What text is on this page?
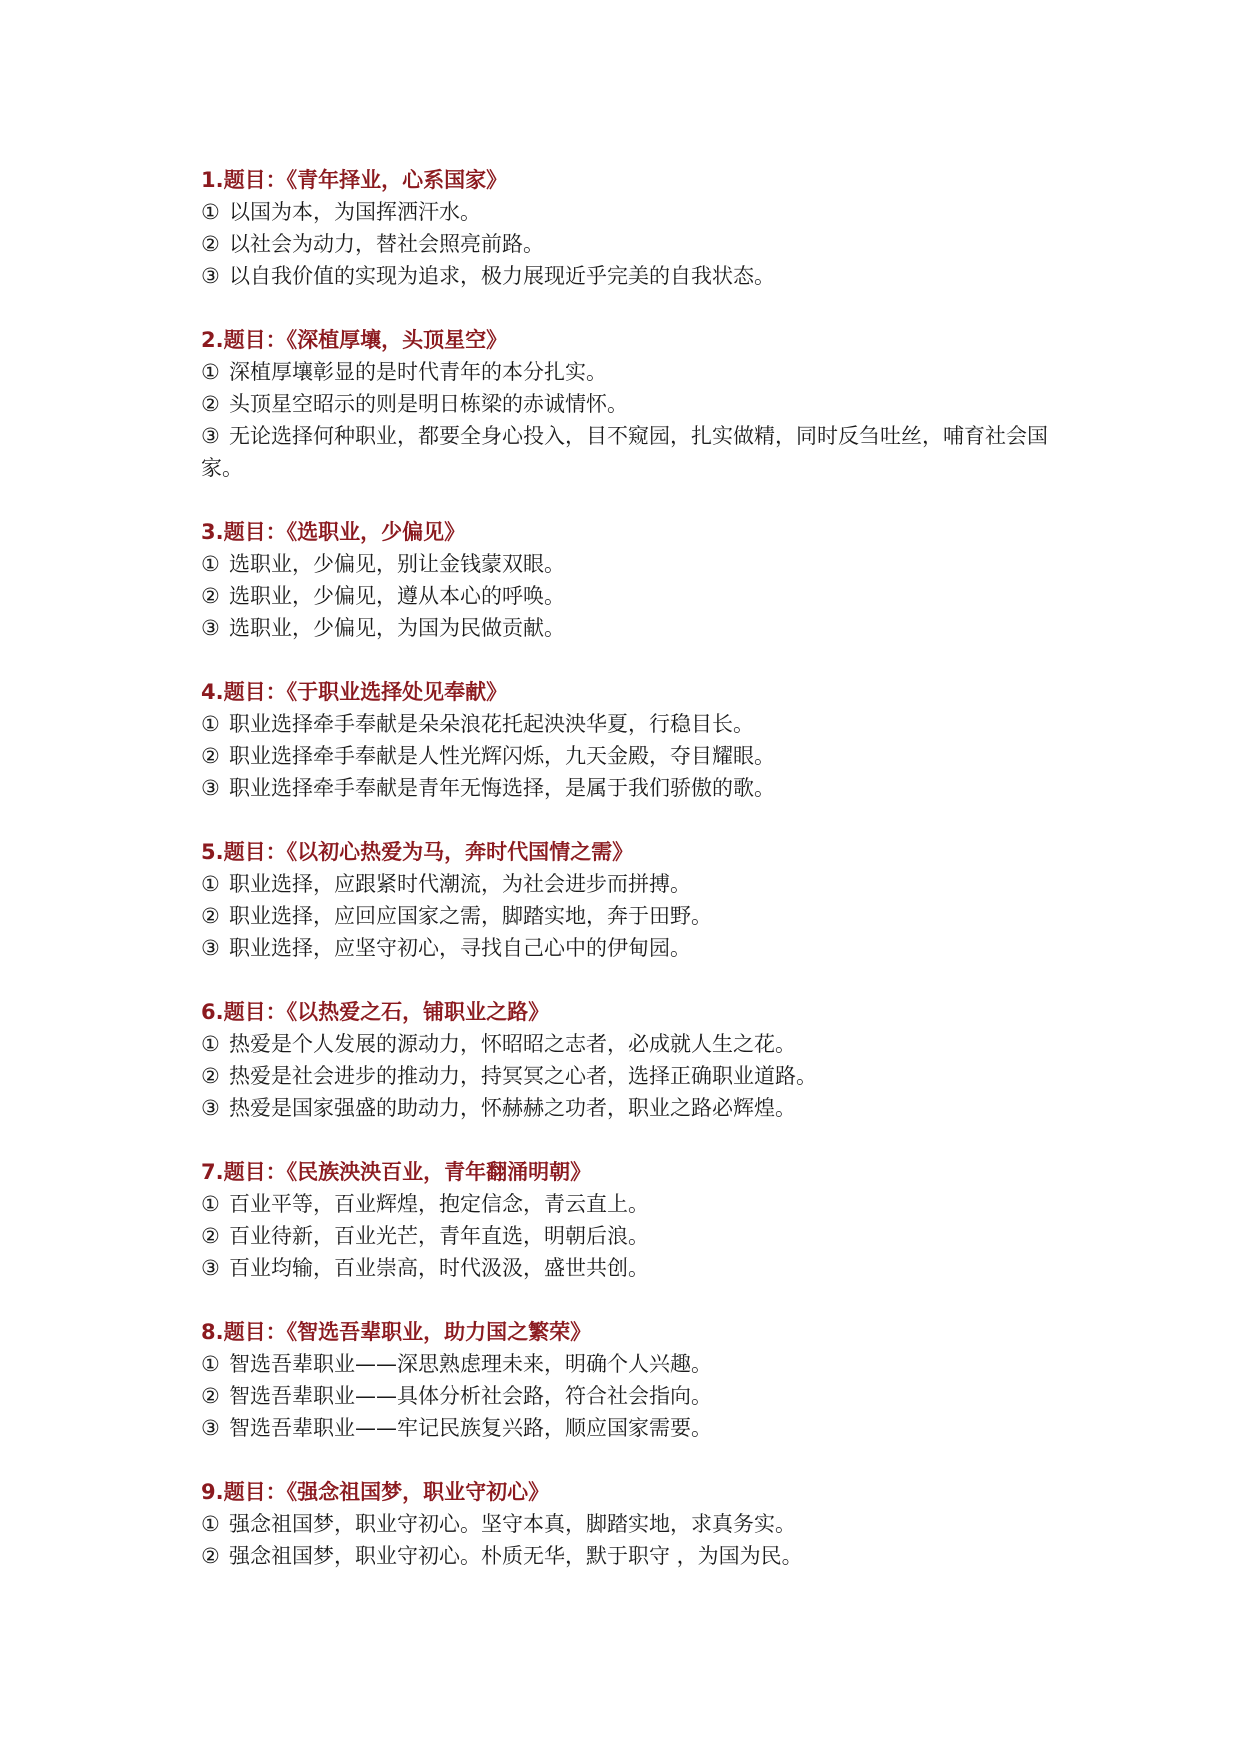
1.题目：《青年择业，心系国家》
① 以国为本，为国挥洒汗水。
② 以社会为动力，替社会照亮前路。
③ 以自我价值的实现为追求，极力展现近乎完美的自我状态。
2.题目：《深植厚壤，头顶星空》
① 深植厚壤彰显的是时代青年的本分扎实。
② 头顶星空昭示的则是明日栋梁的赤诚情怀。
③ 无论选择何种职业，都要全身心投入，目不窥园，扎实做精，同时反刍吐丝，哺育社会国家。
3.题目：《选职业，少偏见》
① 选职业，少偏见，别让金钱蒙双眼。
② 选职业，少偏见，遵从本心的呼唤。
③ 选职业，少偏见，为国为民做贡献。
4.题目：《于职业选择处见奉献》
① 职业选择牵手奉献是朵朵浪花托起泱泱华夏，行稳目长。
② 职业选择牵手奉献是人性光辉闪烁，九天金殿，夺目耀眼。
③ 职业选择牵手奉献是青年无悔选择，是属于我们骄傲的歌。
5.题目：《以初心热爱为马，奔时代国情之需》
① 职业选择，应跟紧时代潮流，为社会进步而拼搏。
② 职业选择，应回应国家之需，脚踏实地，奔于田野。
③ 职业选择，应坚守初心，寻找自己心中的伊甸园。
6.题目：《以热爱之石，铺职业之路》
① 热爱是个人发展的源动力，怀昭昭之志者，必成就人生之花。
② 热爱是社会进步的推动力，持冥冥之心者，选择正确职业道路。
③ 热爱是国家强盛的助动力，怀赫赫之功者，职业之路必辉煌。
7.题目：《民族泱泱百业，青年翻涌明朝》
① 百业平等，百业辉煌，抱定信念，青云直上。
② 百业待新，百业光芒，青年直选，明朝后浪。
③ 百业均输，百业崇高，时代汲汲，盛世共创。
8.题目：《智选吾辈职业，助力国之繁荣》
① 智选吾辈职业——深思熟虑理未来，明确个人兴趣。
② 智选吾辈职业——具体分析社会路，符合社会指向。
③ 智选吾辈职业——牢记民族复兴路，顺应国家需要。
9.题目：《强念祖国梦，职业守初心》
① 强念祖国梦，职业守初心。坚守本真，脚踏实地，求真务实。
② 强念祖国梦，职业守初心。朴质无华，默于职守 ，为国为民。
